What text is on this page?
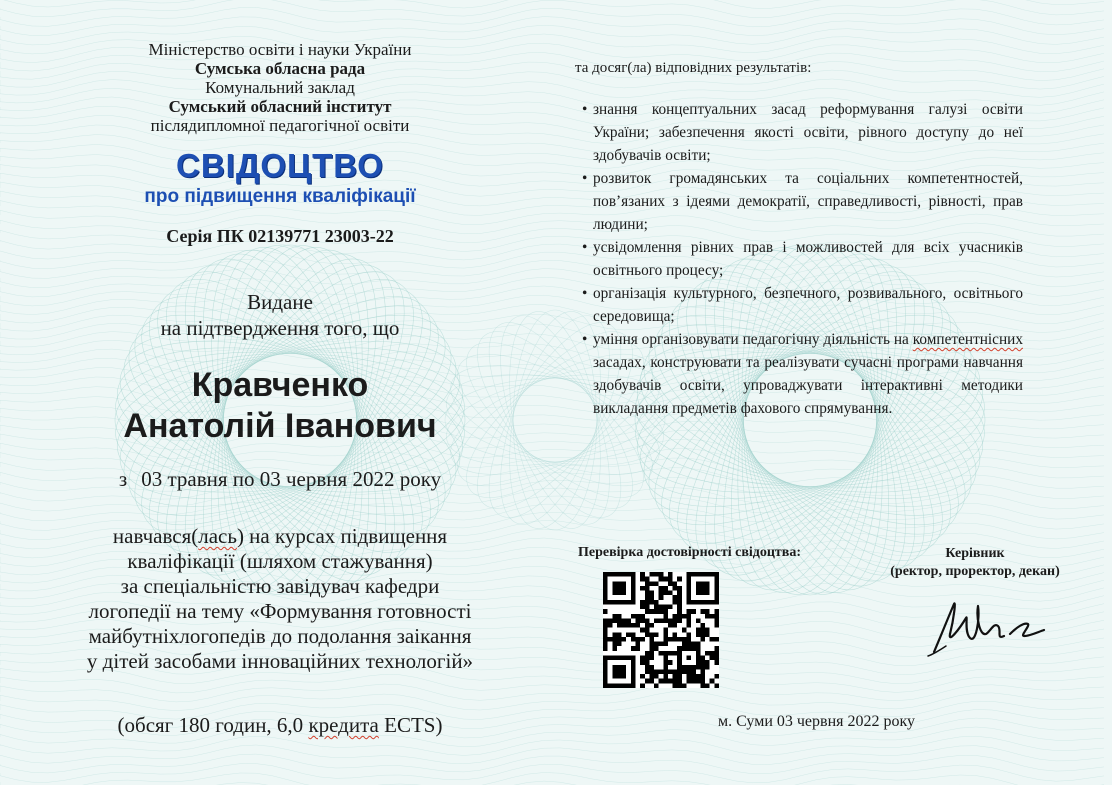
Міністерство освіти і науки України
Сумська обласна рада
Комунальний заклад
Сумський обласний інститут
післядипломної педагогічної освіти
СВІДОЦТВО
про підвищення кваліфікації
Серія ПК 02139771 23003-22
Видане
на підтвердження того, що
Кравченко
Анатолій Іванович
з 03 травня по 03 червня 2022 року
навчався(лась) на курсах підвищення
кваліфікації (шляхом стажування)
за спеціальністю завідувач кафедри
логопедії на тему «Формування готовності
майбутніхлогопедів до подолання заікання
у дітей засобами інноваційних технологій»
(обсяг 180 годин, 6,0 кредита ECTS)
та досяг(ла) відповідних результатів:
• знання концептуальних засад реформування галузі освіти України; забезпечення якості освіти, рівного доступу до неї здобувачів освіти;
• розвиток громадянських та соціальних компетентностей, пов’язаних з ідеями демократії, справедливості, рівності, прав людини;
• усвідомлення рівних прав і можливостей для всіх учасників освітнього процесу;
• організація культурного, безпечного, розвивального, освітнього середовища;
• уміння організовувати педагогічну діяльність на компетентнісних засадах, конструювати та реалізувати сучасні програми навчання здобувачів освіти, упроваджувати інтерактивні методики викладання предметів фахового спрямування.
Перевірка достовірності свідоцтва:	Керівник
(ректор, проректор, декан)
м. Суми 03 червня 2022 року
